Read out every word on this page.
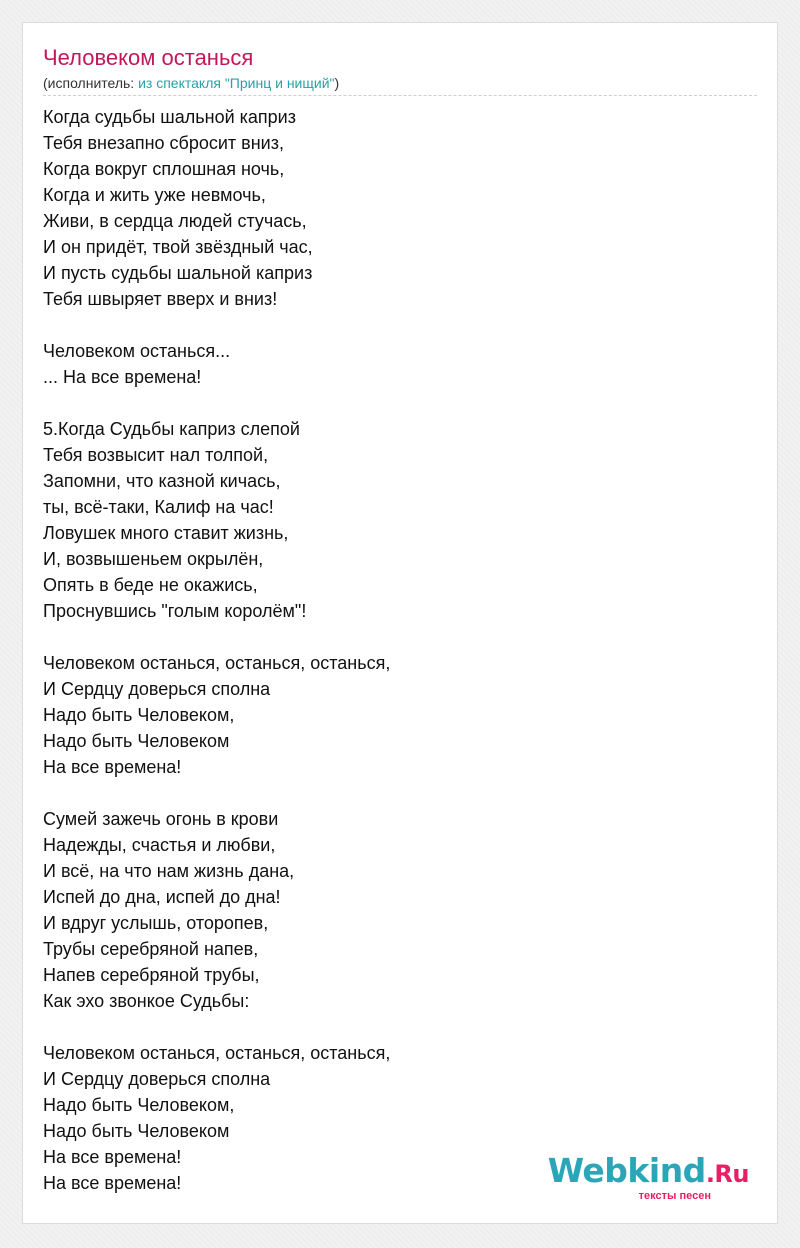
Человеком останься
(исполнитель: из спектакля "Принц и нищий")
Когда судьбы шальной каприз
Тебя внезапно сбросит вниз,
Когда вокруг сплошная ночь,
Когда и жить уже невмочь,
Живи, в сердца людей стучась,
И он придёт, твой звёздный час,
И пусть судьбы шальной каприз
Тебя швыряет вверх и вниз!
Человеком останься...
... На все времена!
5.Когда Судьбы каприз слепой
Тебя возвысит нал толпой,
Запомни, что казной кичась,
ты, всё-таки, Калиф на час!
Ловушек много ставит жизнь,
И, возвышеньем окрылён,
Опять в беде не окажись,
Проснувшись "голым королём"!
Человеком останься, останься, останься,
И Сердцу доверься сполна
Надо быть Человеком,
Надо быть Человеком
На все времена!
Сумей зажечь огонь в крови
Надежды, счастья и любви,
И всё, на что нам жизнь дана,
Испей до дна, испей до дна!
И вдруг услышь, оторопев,
Трубы серебряной напев,
Напев серебряной трубы,
Как эхо звонкое Судьбы:
Человеком останься, останься, останься,
И Сердцу доверься сполна
Надо быть Человеком,
Надо быть Человеком
На все времена!
На все времена!	Webkind.Ru
тексты песен
